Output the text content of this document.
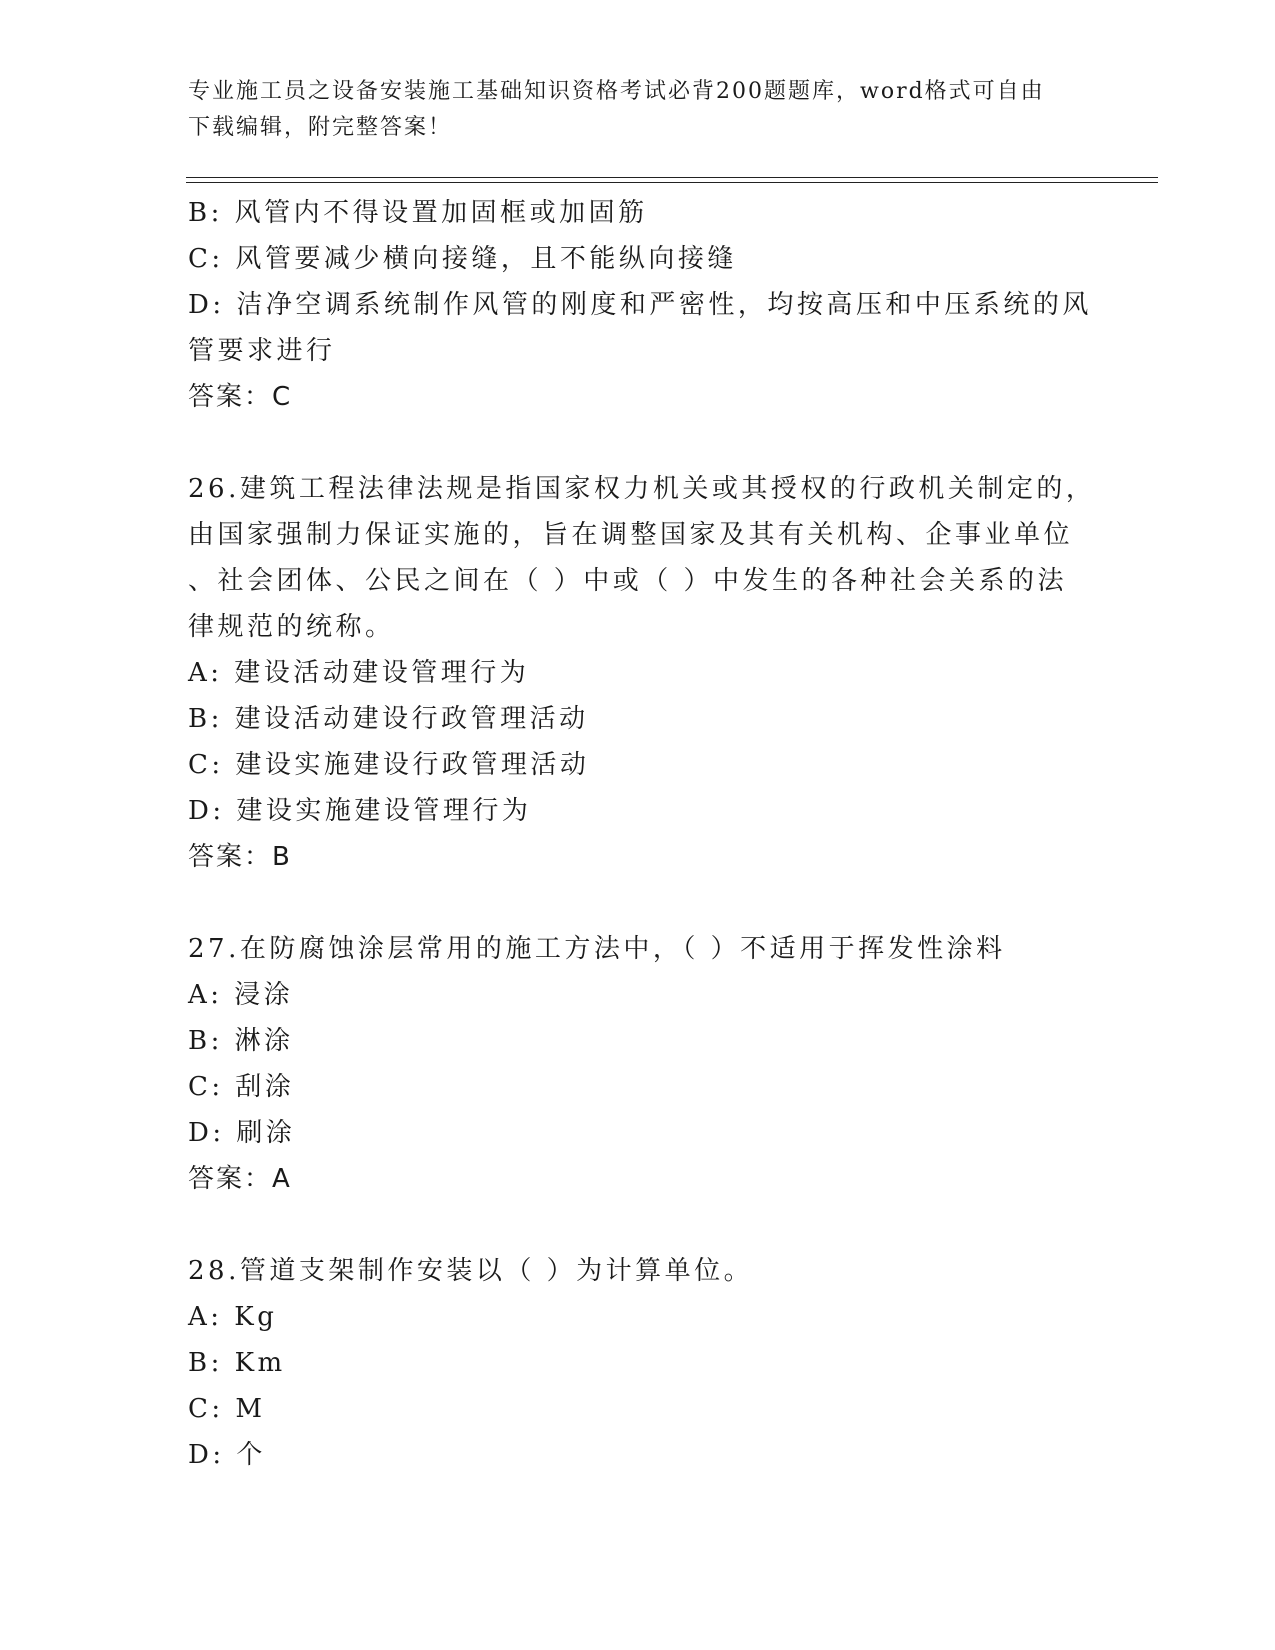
专业施工员之设备安装施工基础知识资格考试必背200题题库，word格式可自由
下载编辑，附完整答案！
B: 风管内不得设置加固框或加固筋
C: 风管要减少横向接缝，且不能纵向接缝
D: 洁净空调系统制作风管的刚度和严密性，均按高压和中压系统的风
管要求进行
答案：C
26.建筑工程法律法规是指国家权力机关或其授权的行政机关制定的，
由国家强制力保证实施的，旨在调整国家及其有关机构、企事业单位
、社会团体、公民之间在（ ）中或（ ）中发生的各种社会关系的法
律规范的统称。
A: 建设活动建设管理行为
B: 建设活动建设行政管理活动
C: 建设实施建设行政管理活动
D: 建设实施建设管理行为
答案：B
27.在防腐蚀涂层常用的施工方法中，（ ）不适用于挥发性涂料
A: 浸涂
B: 淋涂
C: 刮涂
D: 刷涂
答案：A
28.管道支架制作安装以（ ）为计算单位。
A: Kg
B: Km
C: M
D: 个
